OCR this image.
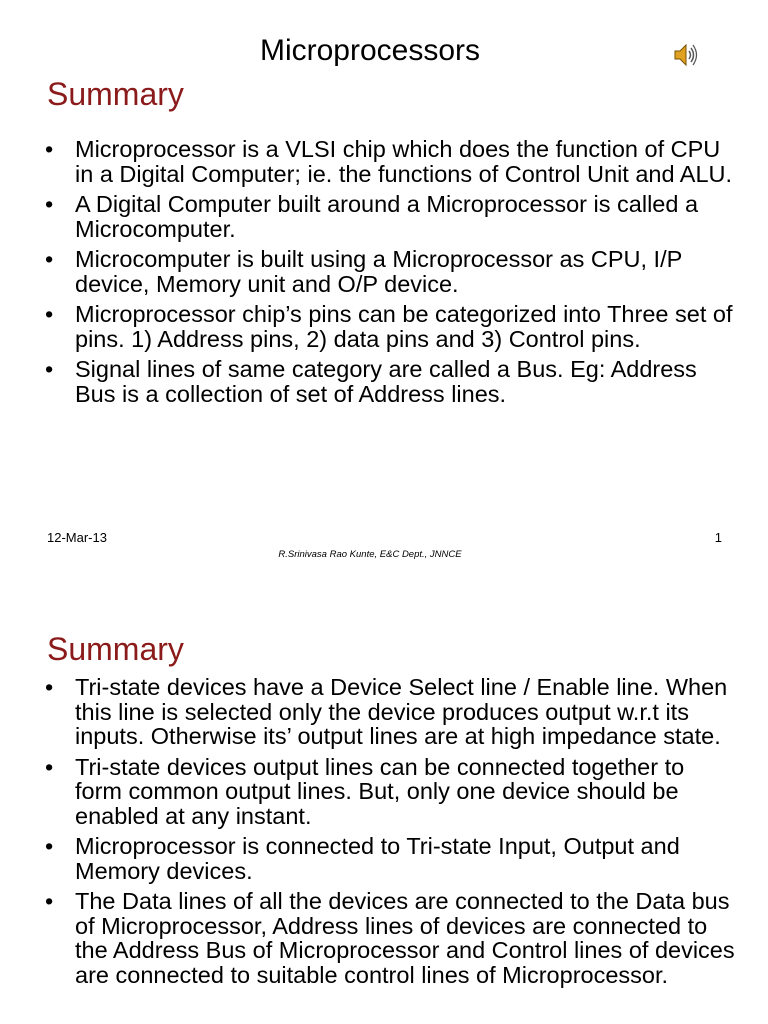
Microprocessors
Summary
• Microprocessor is a VLSI chip which does the function of CPU in a Digital Computer; ie. the functions of Control Unit and ALU.
• A Digital Computer built around a Microprocessor is called a Microcomputer.
• Microcomputer is built using a Microprocessor as CPU, I/P device, Memory unit and O/P device.
• Microprocessor chip’s pins can be categorized into Three set of pins. 1) Address pins, 2) data pins and 3) Control pins.
• Signal lines of same category are called a Bus. Eg: Address Bus is a collection of set of Address lines.
12-Mar-13	1
R.Srinivasa Rao Kunte, E&C Dept., JNNCE
Summary
• Tri-state devices have a Device Select line / Enable line. When this line is selected only the device produces output w.r.t its inputs. Otherwise its’ output lines are at high impedance state.
• Tri-state devices output lines can be connected together to form common output lines. But, only one device should be enabled at any instant.
• Microprocessor is connected to Tri-state Input, Output and Memory devices.
• The Data lines of all the devices are connected to the Data bus of Microprocessor, Address lines of devices are connected to the Address Bus of Microprocessor and Control lines of devices are connected to suitable control lines of Microprocessor.
